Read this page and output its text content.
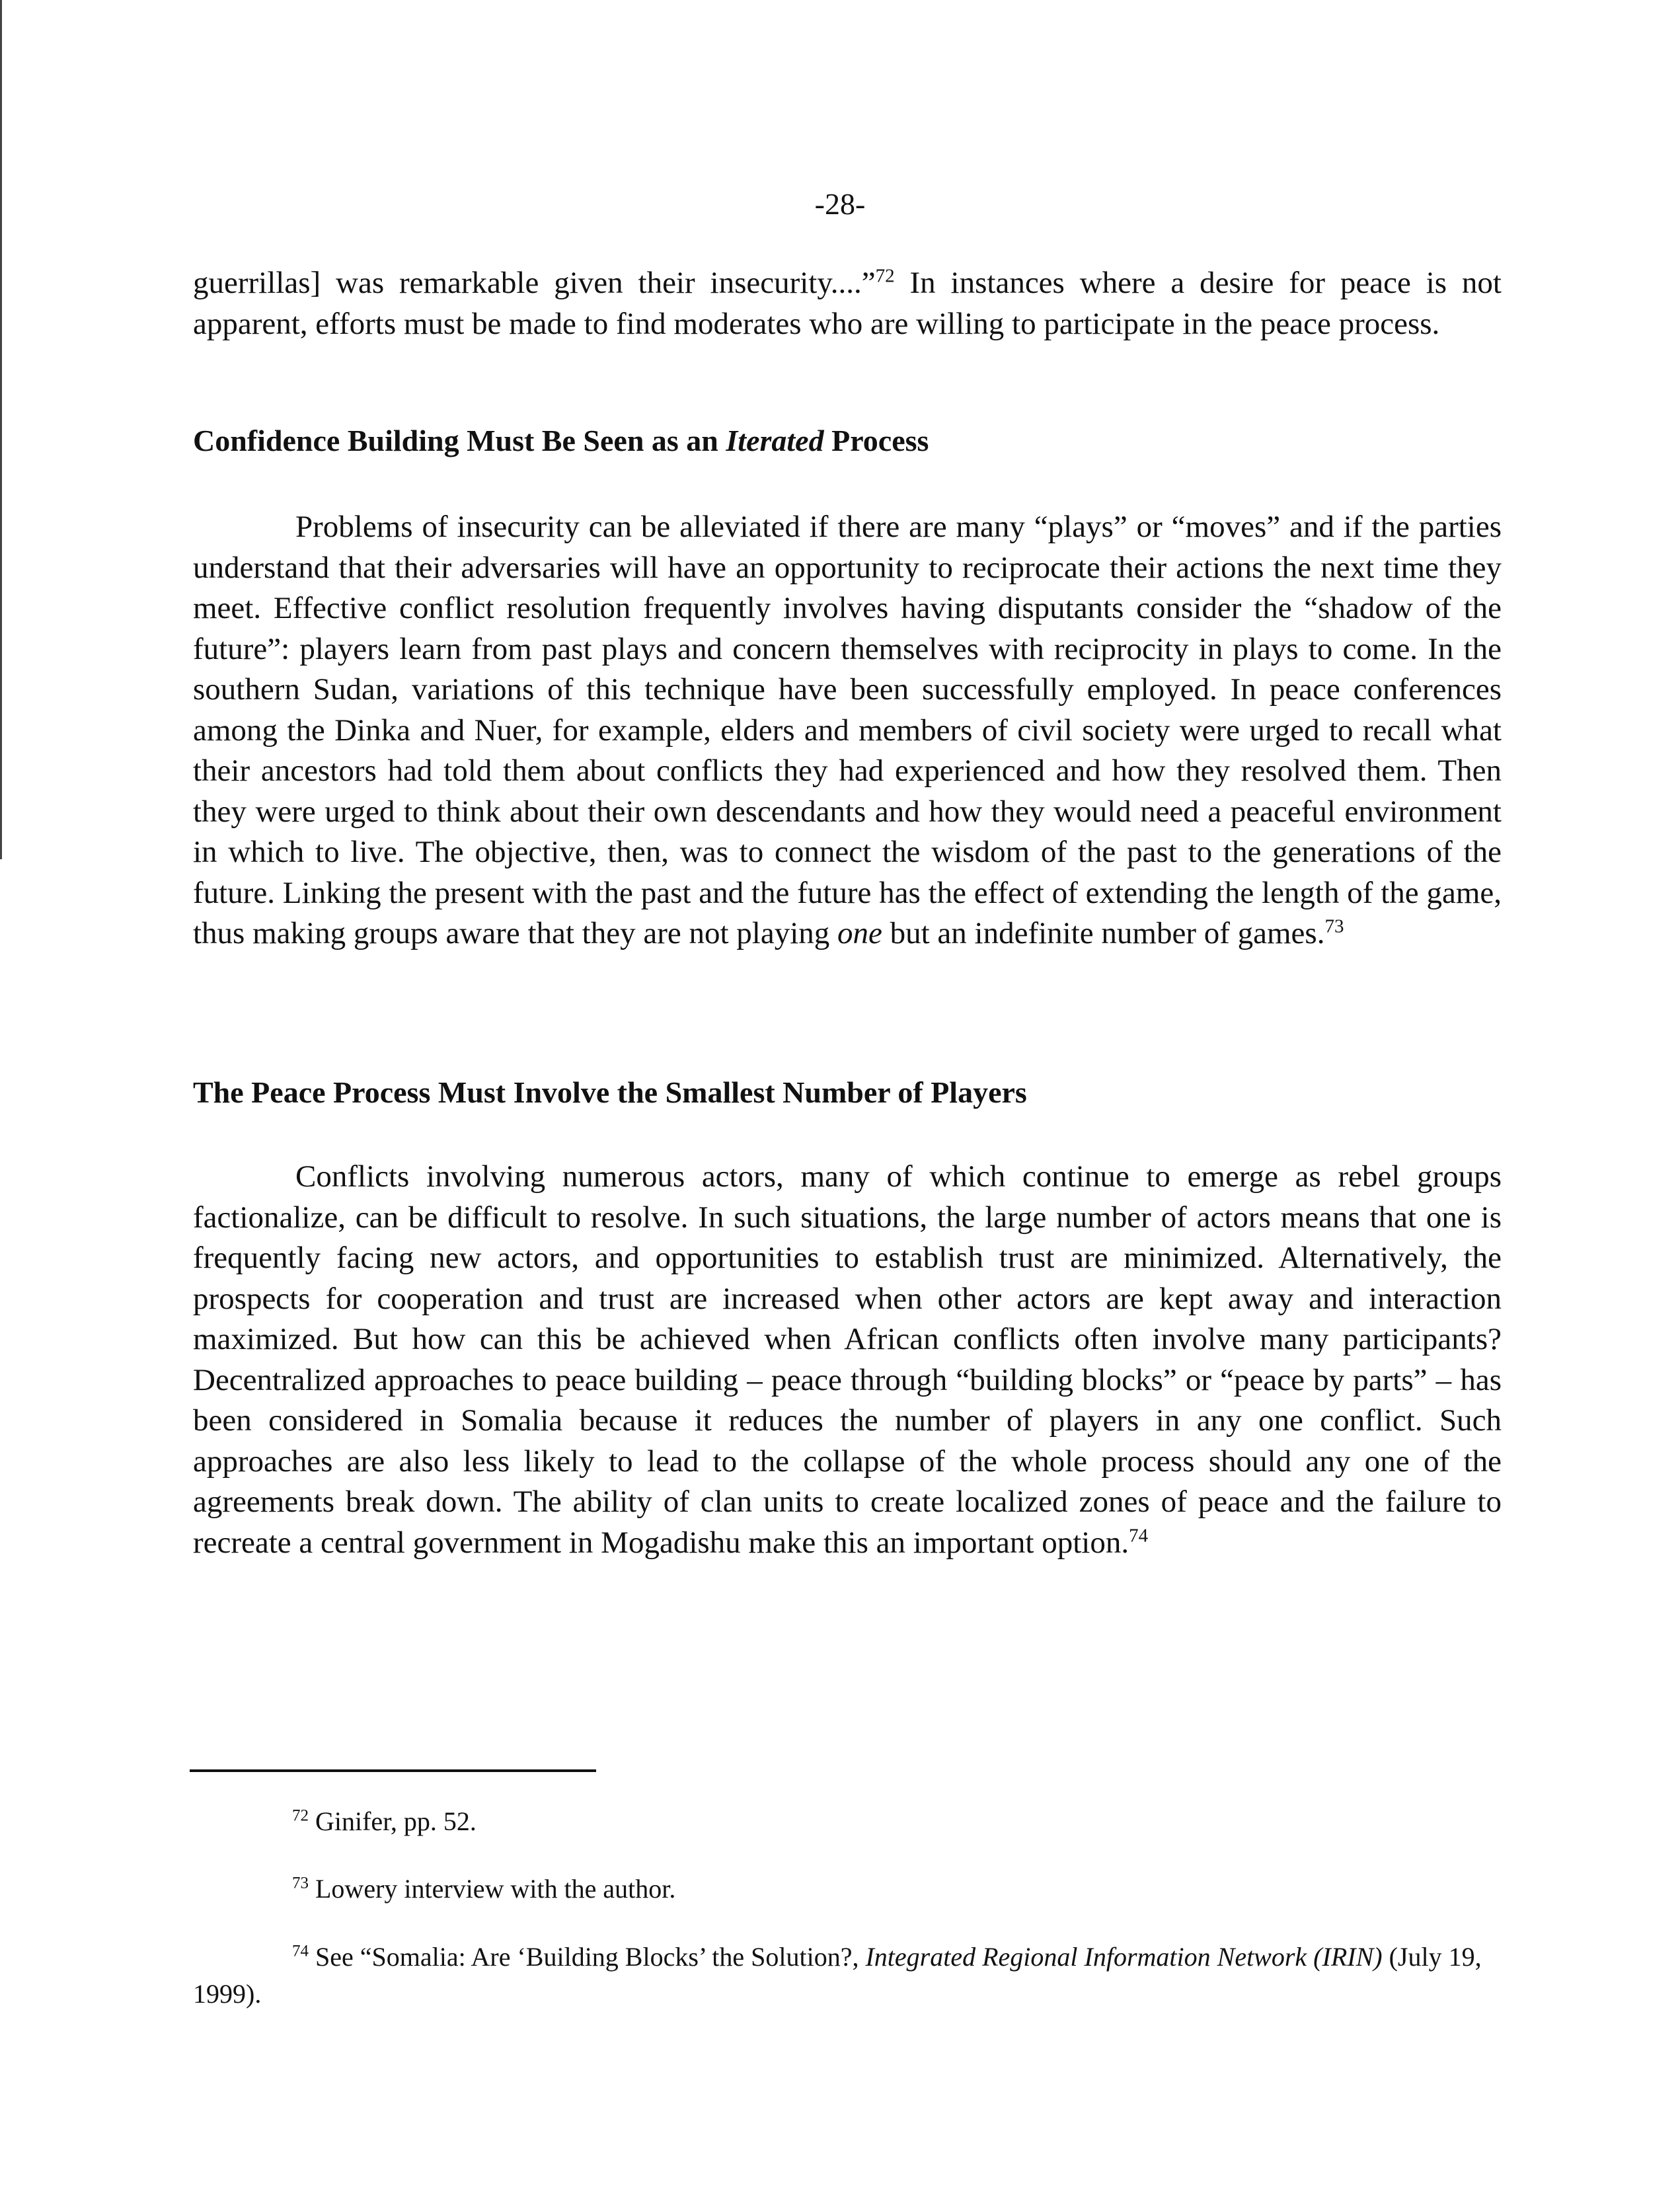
-28-

guerrillas] was remarkable given their insecurity....”$^{72}$ In instances where a desire for peace is not apparent, efforts must be made to find moderates who are willing to participate in the peace process.

Confidence Building Must Be Seen as an Iterated Process

Problems of insecurity can be alleviated if there are many “plays” or “moves” and if the parties understand that their adversaries will have an opportunity to reciprocate their actions the next time they meet. Effective conflict resolution frequently involves having disputants consider the “shadow of the future”: players learn from past plays and concern themselves with reciprocity in plays to come. In the southern Sudan, variations of this technique have been successfully employed. In peace conferences among the Dinka and Nuer, for example, elders and members of civil society were urged to recall what their ancestors had told them about conflicts they had experienced and how they resolved them. Then they were urged to think about their own descendants and how they would need a peaceful environment in which to live. The objective, then, was to connect the wisdom of the past to the generations of the future. Linking the present with the past and the future has the effect of extending the length of the game, thus making groups aware that they are not playing one but an indefinite number of games.$^{73}$

The Peace Process Must Involve the Smallest Number of Players

Conflicts involving numerous actors, many of which continue to emerge as rebel groups factionalize, can be difficult to resolve. In such situations, the large number of actors means that one is frequently facing new actors, and opportunities to establish trust are minimized. Alternatively, the prospects for cooperation and trust are increased when other actors are kept away and interaction maximized. But how can this be achieved when African conflicts often involve many participants? Decentralized approaches to peace building – peace through “building blocks” or “peace by parts” – has been considered in Somalia because it reduces the number of players in any one conflict. Such approaches are also less likely to lead to the collapse of the whole process should any one of the agreements break down. The ability of clan units to create localized zones of peace and the failure to recreate a central government in Mogadishu make this an important option.$^{74}$

$^{72}$ Ginifer, pp. 52.

$^{73}$ Lowery interview with the author.

$^{74}$ See “Somalia: Are ‘Building Blocks’ the Solution?, Integrated Regional Information Network (IRIN) (July 19, 1999).
